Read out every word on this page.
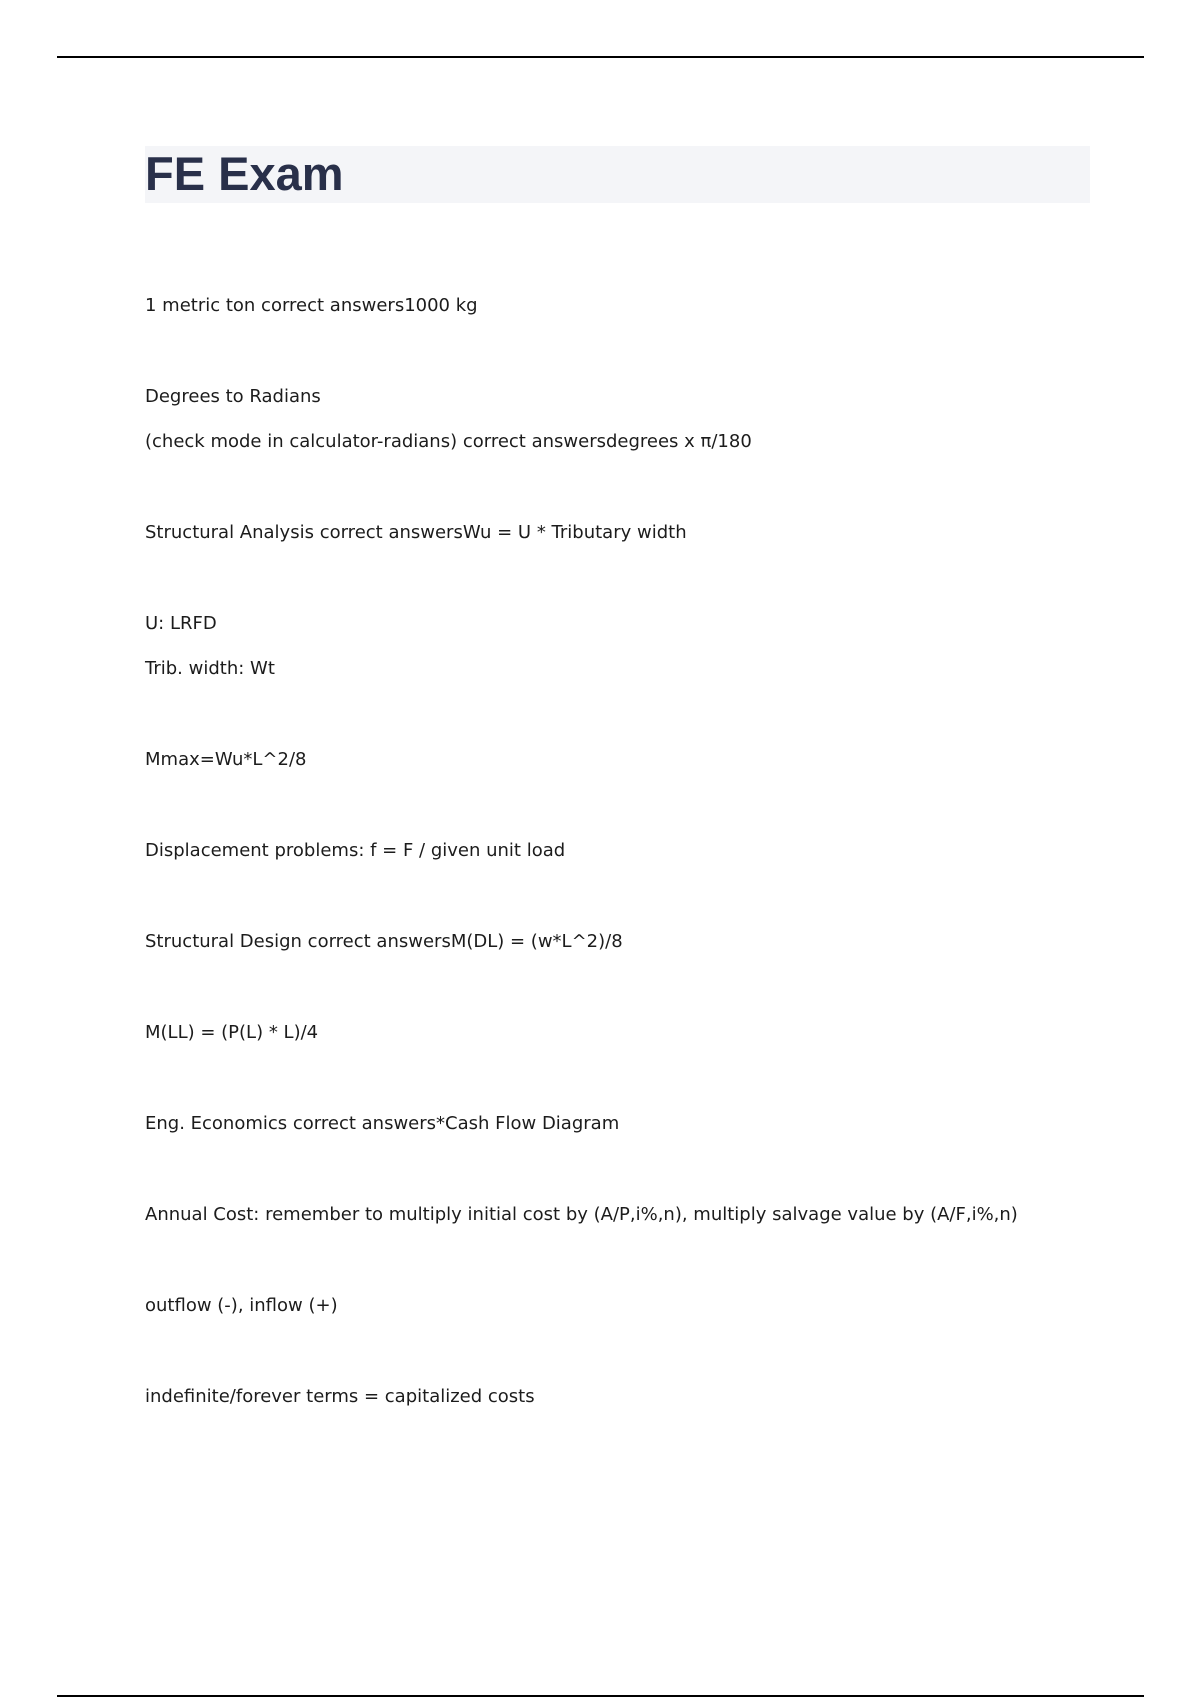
FE Exam

1 metric ton correct answers1000 kg

Degrees to Radians

(check mode in calculator-radians) correct answersdegrees x π/180

Structural Analysis correct answersWu = U * Tributary width

U: LRFD

Trib. width: Wt

Mmax=Wu*L^2/8

Displacement problems: f = F / given unit load

Structural Design correct answersM(DL) = (w*L^2)/8

M(LL) = (P(L) * L)/4

Eng. Economics correct answers*Cash Flow Diagram

Annual Cost: remember to multiply initial cost by (A/P,i%,n), multiply salvage value by (A/F,i%,n)

outflow (-), inflow (+)

indefinite/forever terms = capitalized costs
